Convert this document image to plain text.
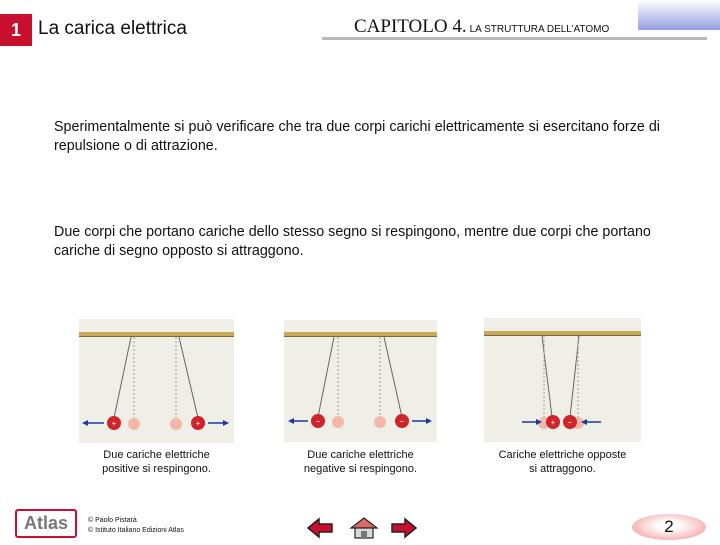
1 La carica elettrica	CAPITOLO 4. LA STRUTTURA DELL’ATOMO
Sperimentalmente si può verificare che tra due corpi carichi elettricamente si esercitano forze di repulsione o di attrazione.
Due corpi che portano cariche dello stesso segno si respingono, mentre due corpi che portano cariche di segno opposto si attraggono.
+	+
Due cariche elettriche
positive si respingono.
−	−
Due cariche elettriche
negative si respingono.
+ −
Cariche elettriche opposte
si attraggono.
Atlas	© Paolo Pistarà
© Istituto Italiano Edizioni Atlas	2
